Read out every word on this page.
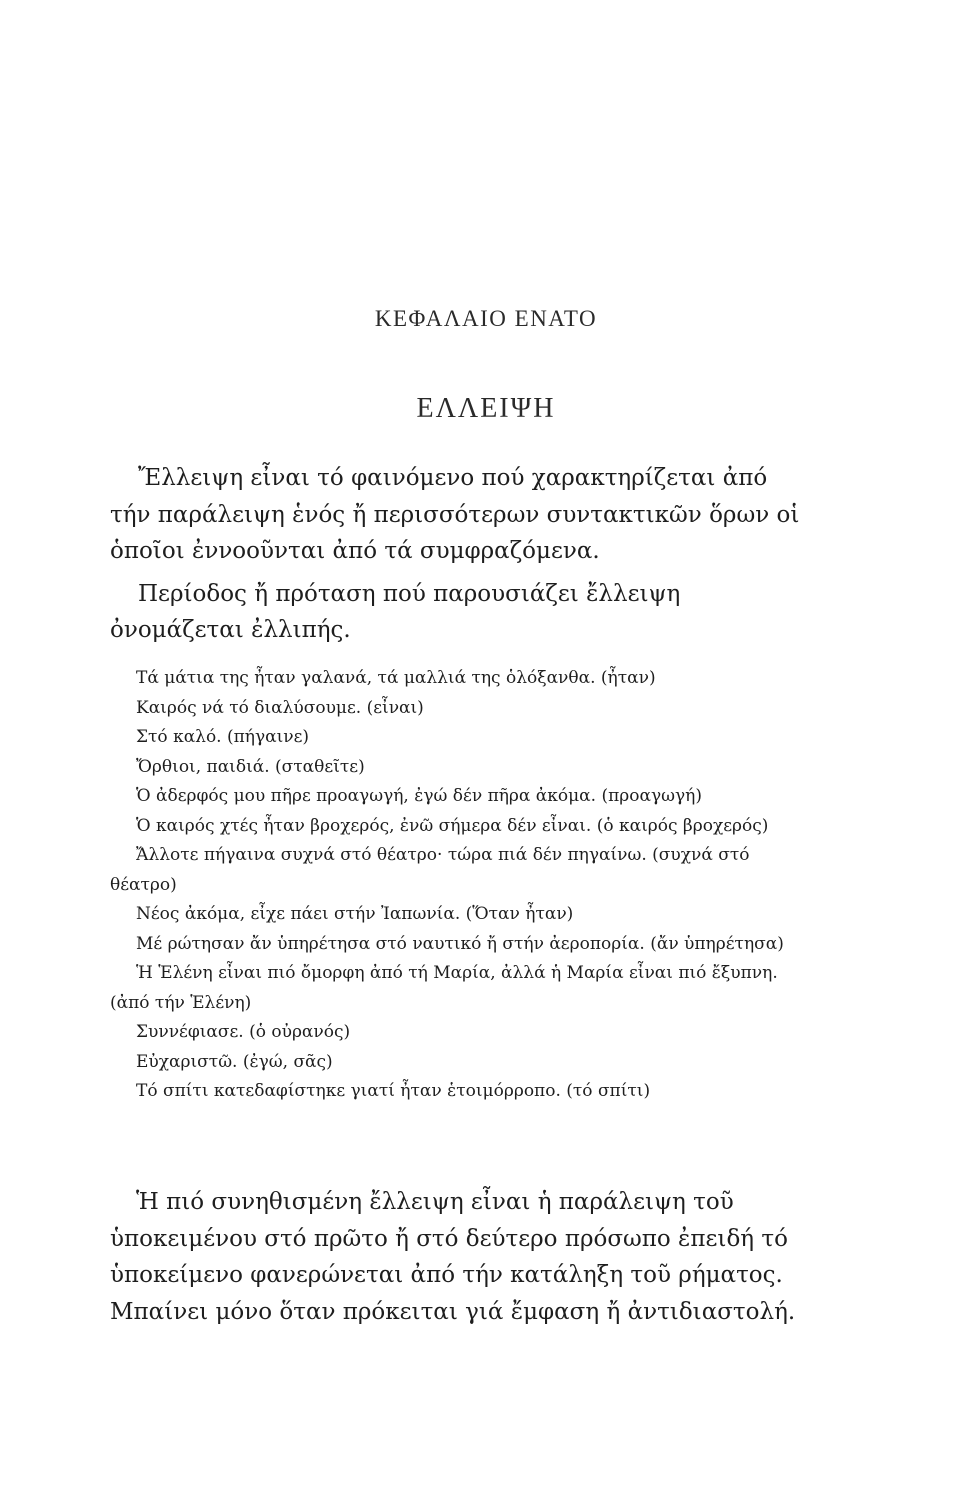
ΚΕΦΑΛΑΙΟ ΕΝΑΤΟ
ΕΛΛΕΙΨΗ

Ἔλλειψη εἶναι τό φαινόμενο πού χαρακτηρίζεται ἀπό τήν παράλειψη ἑνός ἤ περισσότερων συντακτικῶν ὅρων οἱ ὁποῖοι ἐννοοῦνται ἀπό τά συμφραζόμενα.

Περίοδος ἤ πρόταση πού παρουσιάζει ἔλλειψη ὀνομάζεται ἐλλιπής.

Τά μάτια της ἦταν γαλανά, τά μαλλιά της ὁλόξανθα. (ἦταν)
Καιρός νά τό διαλύσουμε. (εἶναι)
Στό καλό. (πήγαινε)
Ὄρθιοι, παιδιά. (σταθεῖτε)
Ὁ ἀδερφός μου πῆρε προαγωγή, ἐγώ δέν πῆρα ἀκόμα. (προαγωγή)
Ὁ καιρός χτές ἦταν βροχερός, ἐνῶ σήμερα δέν εἶναι. (ὁ καιρός βροχερός)
Ἄλλοτε πήγαινα συχνά στό θέατρο· τώρα πιά δέν πηγαίνω. (συχνά στό θέατρο)
Νέος ἀκόμα, εἶχε πάει στήν Ἰαπωνία. (Ὅταν ἦταν)
Μέ ρώτησαν ἄν ὑπηρέτησα στό ναυτικό ἤ στήν ἀεροπορία. (ἄν ὑπηρέτησα)
Ἡ Ἑλένη εἶναι πιό ὄμορφη ἀπό τή Μαρία, ἀλλά ἡ Μαρία εἶναι πιό ἔξυπνη. (ἀπό τήν Ἑλένη)
Συννέφιασε. (ὁ οὐρανός)
Εὐχαριστῶ. (ἐγώ, σᾶς)
Τό σπίτι κατεδαφίστηκε γιατί ἦταν ἑτοιμόρροπο. (τό σπίτι)

Ἡ πιό συνηθισμένη ἔλλειψη εἶναι ἡ παράλειψη τοῦ ὑποκειμένου στό πρῶτο ἤ στό δεύτερο πρόσωπο ἐπειδή τό ὑποκείμενο φανερώνεται ἀπό τήν κατάληξη τοῦ ρήματος. Μπαίνει μόνο ὅταν πρόκειται γιά ἔμφαση ἤ ἀντιδιαστολή.
